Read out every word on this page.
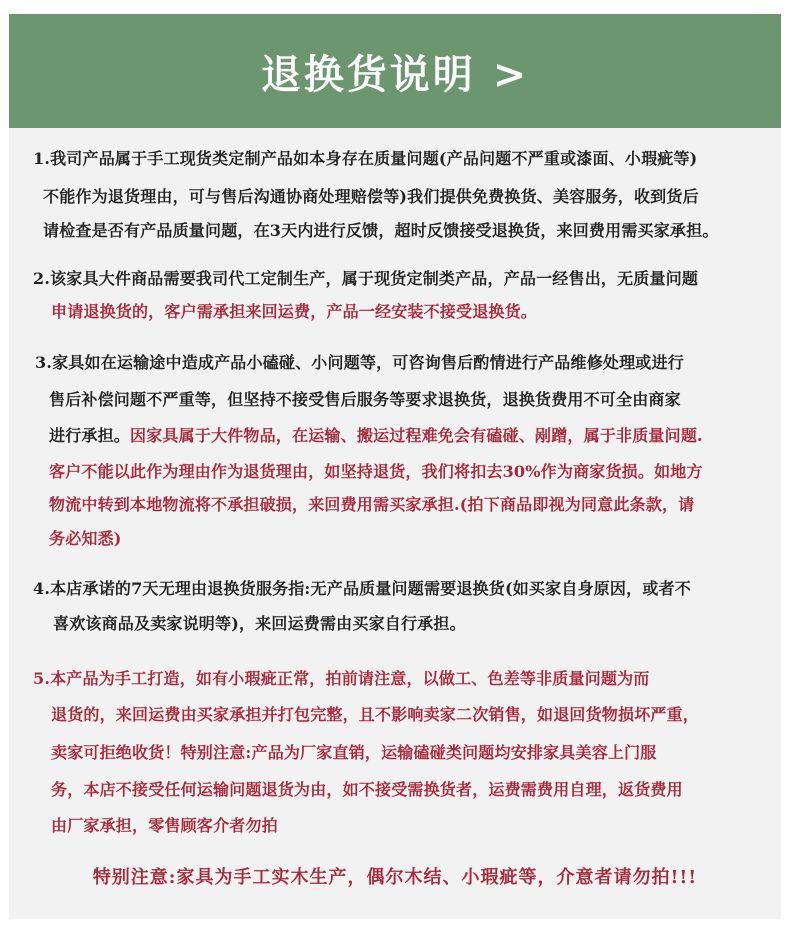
退换货说明 >
1.我司产品属于手工现货类定制产品如本身存在质量问题(产品问题不严重或漆面、小瑕疵等)
不能作为退货理由，可与售后沟通协商处理赔偿等)我们提供免费换货、美容服务，收到货后
请检查是否有产品质量问题，在3天内进行反馈，超时反馈接受退换货，来回费用需买家承担。
2.该家具大件商品需要我司代工定制生产，属于现货定制类产品，产品一经售出，无质量问题
申请退换货的，客户需承担来回运费，产品一经安装不接受退换货。
3.家具如在运输途中造成产品小磕碰、小问题等，可咨询售后酌情进行产品维修处理或进行
售后补偿问题不严重等，但坚持不接受售后服务等要求退换货，退换货费用不可全由商家
进行承担。因家具属于大件物品，在运输、搬运过程难免会有磕碰、剐蹭，属于非质量问题.
客户不能以此作为理由作为退货理由，如坚持退货，我们将扣去30%作为商家货损。如地方
物流中转到本地物流将不承担破损，来回费用需买家承担.(拍下商品即视为同意此条款，请
务必知悉)
4.本店承诺的7天无理由退换货服务指:无产品质量问题需要退换货(如买家自身原因，或者不
喜欢该商品及卖家说明等)，来回运费需由买家自行承担。
5.本产品为手工打造，如有小瑕疵正常，拍前请注意，以做工、色差等非质量问题为而
退货的，来回运费由买家承担并打包完整，且不影响卖家二次销售，如退回货物损坏严重，
卖家可拒绝收货！特别注意:产品为厂家直销，运输磕碰类问题均安排家具美容上门服
务，本店不接受任何运输问题退货为由，如不接受需换货者，运费需费用自理，返货费用
由厂家承担，零售顾客介者勿拍
特别注意:家具为手工实木生产，偶尔木结、小瑕疵等，介意者请勿拍!!!
